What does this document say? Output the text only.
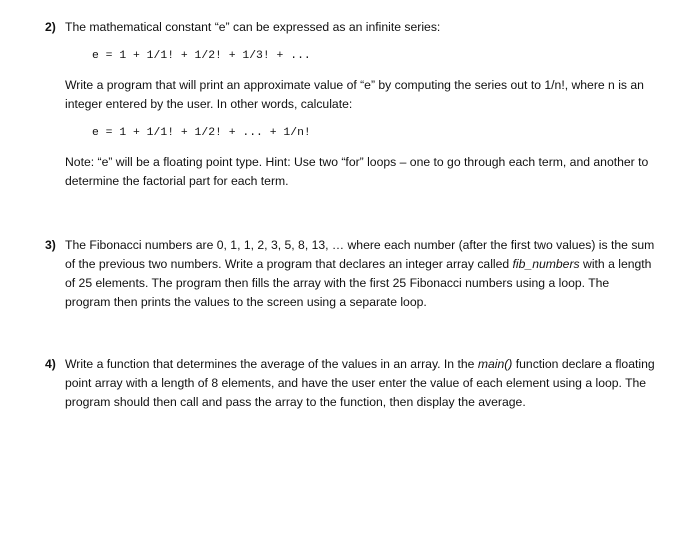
2) The mathematical constant “e” can be expressed as an infinite series:
e = 1 + 1/1! + 1/2! + 1/3! + ...
Write a program that will print an approximate value of “e” by computing the series out to 1/n!, where n is an integer entered by the user. In other words, calculate:
e = 1 + 1/1! + 1/2! + ... + 1/n!
Note: “e” will be a floating point type. Hint: Use two “for” loops – one to go through each term, and another to determine the factorial part for each term.
3) The Fibonacci numbers are 0, 1, 1, 2, 3, 5, 8, 13, … where each number (after the first two values) is the sum of the previous two numbers. Write a program that declares an integer array called fib_numbers with a length of 25 elements. The program then fills the array with the first 25 Fibonacci numbers using a loop. The program then prints the values to the screen using a separate loop.
4) Write a function that determines the average of the values in an array. In the main() function declare a floating point array with a length of 8 elements, and have the user enter the value of each element using a loop. The program should then call and pass the array to the function, then display the average.
